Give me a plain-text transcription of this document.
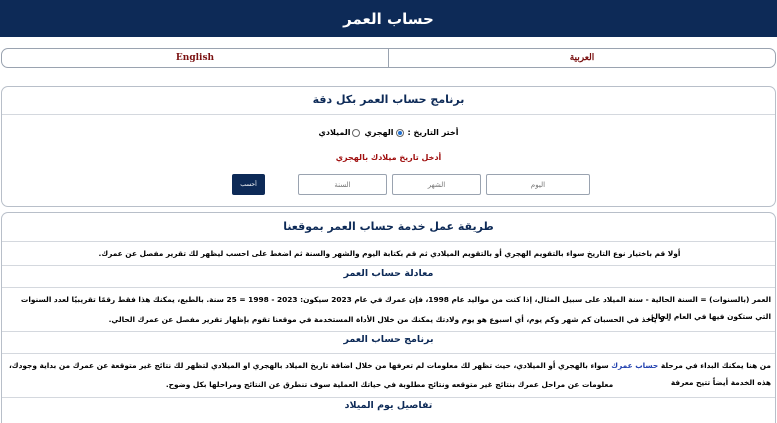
حساب العمر
English	العربية
برنامج حساب العمر بكل دقة
أختر التاريخ :
الهجري
الميلادي
أدخل تاريخ ميلادك بالهجري
اليوم
الشهر
السنة
أحسب
طريقة عمل خدمة حساب العمر بموقعنا
أولا قم باختيار نوع التاريخ سواء بالتقويم الهجري أو بالتقويم الميلادي ثم قم بكتابة اليوم والشهر والسنة ثم اضغط على احسب ليظهر لك تقرير مفصل عن عمرك.
معادلة حساب العمر
العمر (بالسنوات) = السنة الحالية - سنة الميلاد على سبيل المثال، إذا كنت من مواليد عام 1998، فإن عمرك في عام 2023 سيكون: 2023 - 1998 = 25 سنة. بالطبع، يمكنك هذا فقط رقمًا تقريبيًا لعدد السنوات التي ستكون فيها في العام الحالي
- لا يأخذ في الحسبان كم شهر وكم يوم، أي اسبوع هو يوم ولادتك يمكنك من خلال الأداة المستخدمة في موقعنا تقوم بإظهار تقرير مفصل عن عمرك الحالي.
برنامج حساب العمر
من هنا يمكنك البداء في مرحلة حساب عمرك سواء بالهجري أو الميلادي، حيث تظهر لك معلومات لم تعرفها من خلال اضافة تاريخ الميلاد بالهجري او الميلادي لتظهر لك نتائج غير متوقعة عن عمرك من بداية وجودك، هذه الخدمة أيضاً تتيح معرفة
معلومات عن مراحل عمرك بنتائج غير متوقعه ونتائج مطلوبة في حياتك العملية سوف تنطرق عن النتائج ومراحلها بكل وضوح.
تفاصيل يوم الميلاد
